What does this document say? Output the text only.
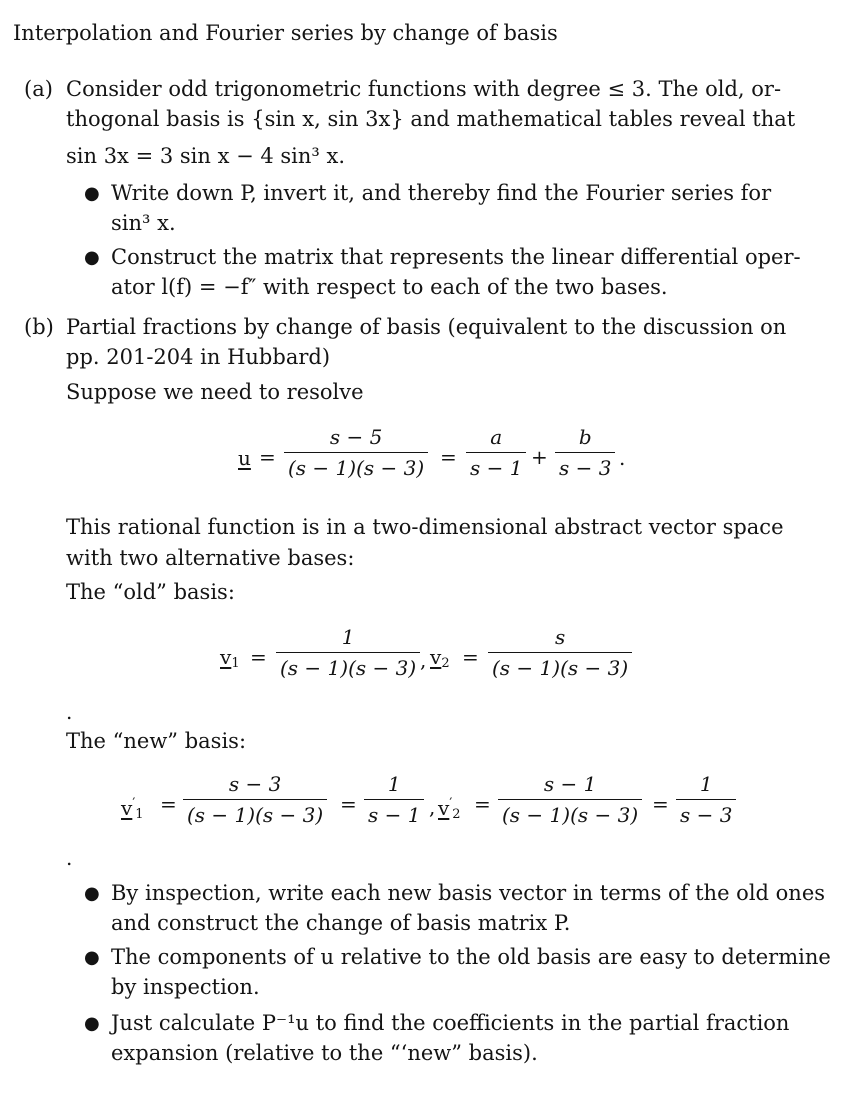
Interpolation and Fourier series by change of basis
(a) Consider odd trigonometric functions with degree ≤ 3. The old, or-
thogonal basis is {sin x, sin 3x} and mathematical tables reveal that
sin 3x = 3 sin x − 4 sin³ x.
● Write down P, invert it, and thereby find the Fourier series for
sin³ x.
● Construct the matrix that represents the linear differential oper-
ator l(f) = −f″ with respect to each of the two bases.
(b) Partial fractions by change of basis (equivalent to the discussion on
pp. 201-204 in Hubbard)
Suppose we need to resolve
$u = \frac{s - 5}{(s - 1)(s - 3)} = \frac{a}{s - 1} + \frac{b}{s - 3}$ .
This rational function is in a two-dimensional abstract vector space
with two alternative bases:
The “old” basis:
$v_1 = \frac{1}{(s - 1)(s - 3)}$ , $v_2 = \frac{s}{(s - 1)(s - 3)}$
.
The “new” basis:
$v'_1 = \frac{s - 3}{(s - 1)(s - 3)} = \frac{1}{s - 1}$ , $v'_2 = \frac{s - 1}{(s - 1)(s - 3)} = \frac{1}{s - 3}$
.
● By inspection, write each new basis vector in terms of the old ones
and construct the change of basis matrix P.
● The components of u relative to the old basis are easy to determine
by inspection.
● Just calculate P⁻¹u to find the coefficients in the partial fraction
expansion (relative to the “‘new” basis).
